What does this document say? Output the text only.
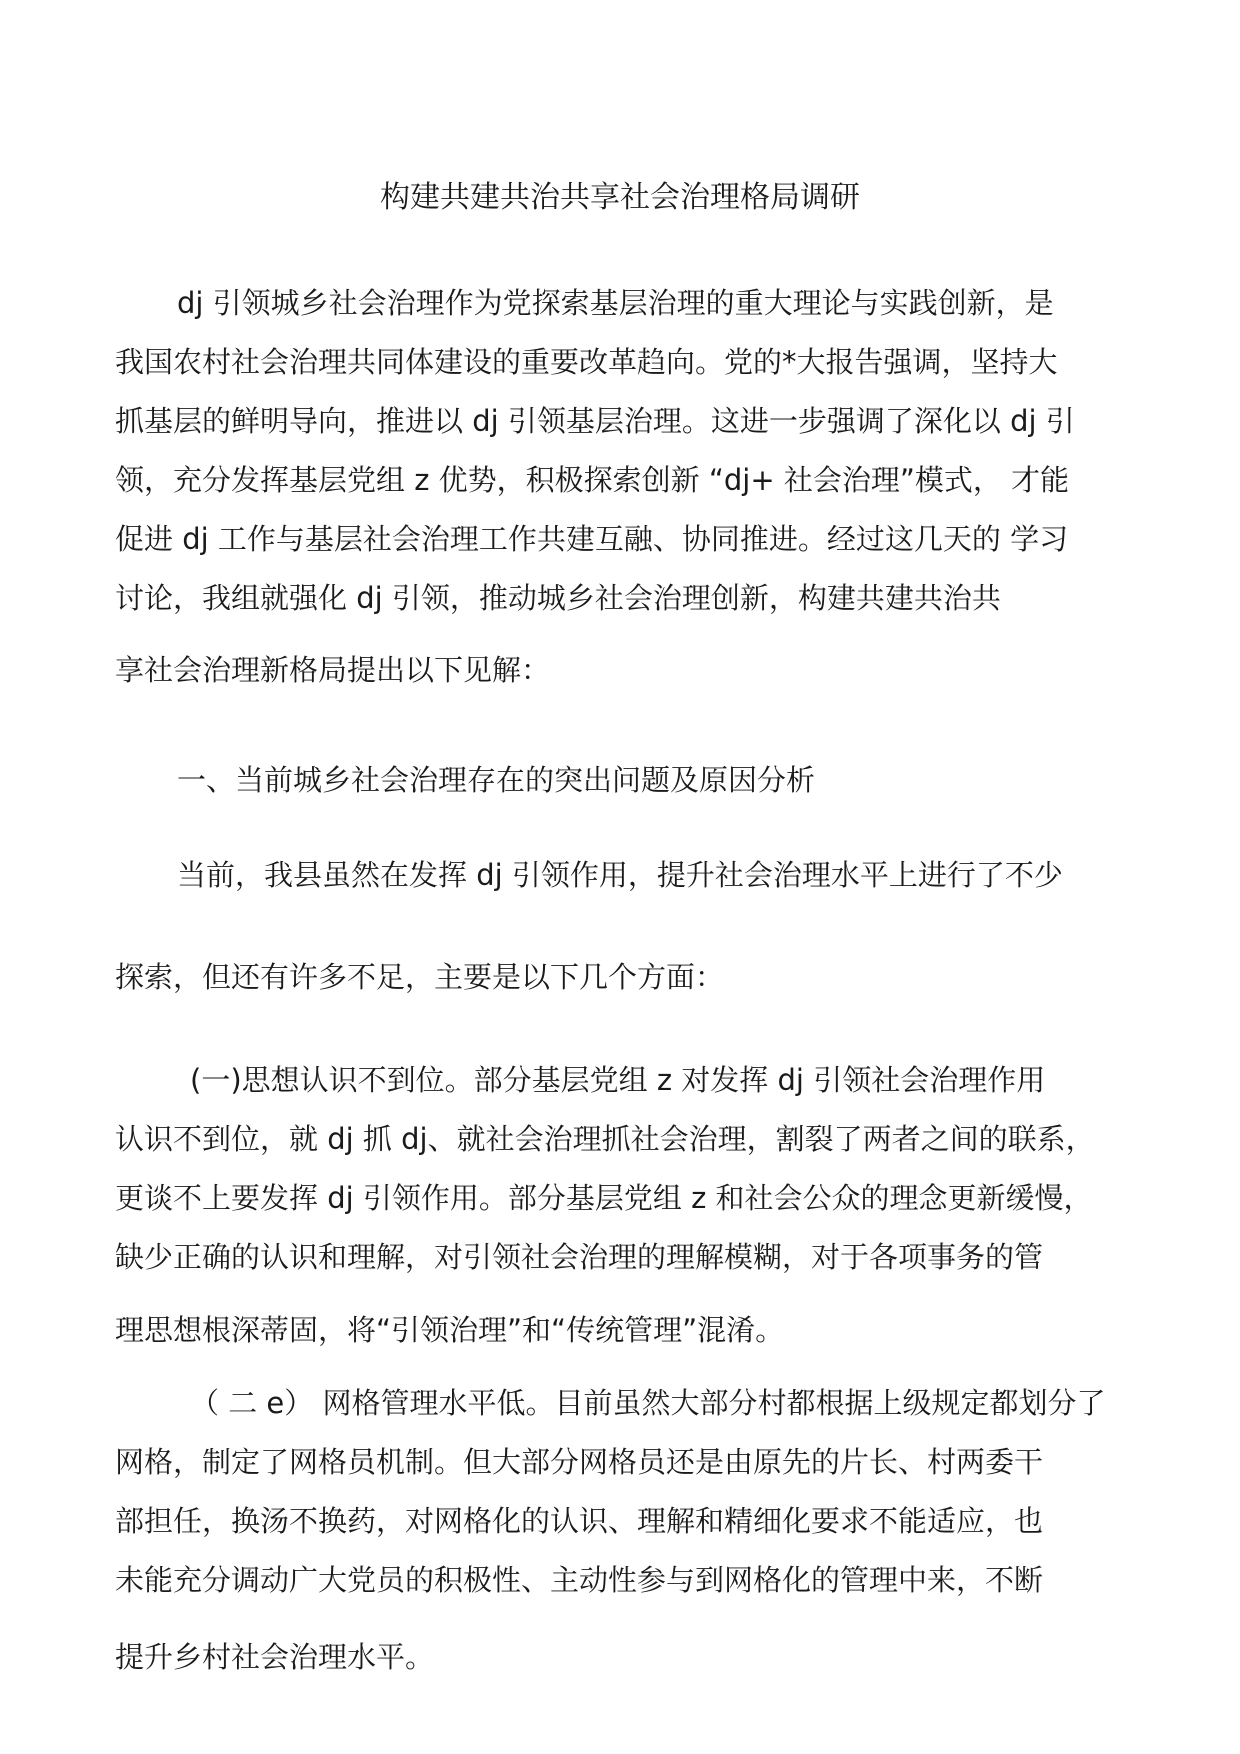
构建共建共治共享社会治理格局调研
dj 引领城乡社会治理作为党探索基层治理的重大理论与实践创新，是
我国农村社会治理共同体建设的重要改革趋向。党的*大报告强调，坚持大
抓基层的鲜明导向，推进以 dj 引领基层治理。这进一步强调了深化以 dj 引
领，充分发挥基层党组 z 优势，积极探索创新 “dj+ 社会治理”模式， 才能
促进 dj 工作与基层社会治理工作共建互融、协同推进。经过这几天的 学习
讨论，我组就强化 dj 引领，推动城乡社会治理创新，构建共建共治共
享社会治理新格局提出以下见解：
一、当前城乡社会治理存在的突出问题及原因分析
当前，我县虽然在发挥 dj 引领作用，提升社会治理水平上进行了不少
探索，但还有许多不足，主要是以下几个方面：
(一)思想认识不到位。部分基层党组 z 对发挥 dj 引领社会治理作用
认识不到位，就 dj 抓 dj、就社会治理抓社会治理，割裂了两者之间的联系，
更谈不上要发挥 dj 引领作用。部分基层党组 z 和社会公众的理念更新缓慢，
缺少正确的认识和理解，对引领社会治理的理解模糊，对于各项事务的管
理思想根深蒂固，将“引领治理”和“传统管理”混淆。
（ 二 e） 网格管理水平低。目前虽然大部分村都根据上级规定都划分了
网格，制定了网格员机制。但大部分网格员还是由原先的片长、村两委干
部担任，换汤不换药，对网格化的认识、理解和精细化要求不能适应，也
未能充分调动广大党员的积极性、主动性参与到网格化的管理中来，不断
提升乡村社会治理水平。
